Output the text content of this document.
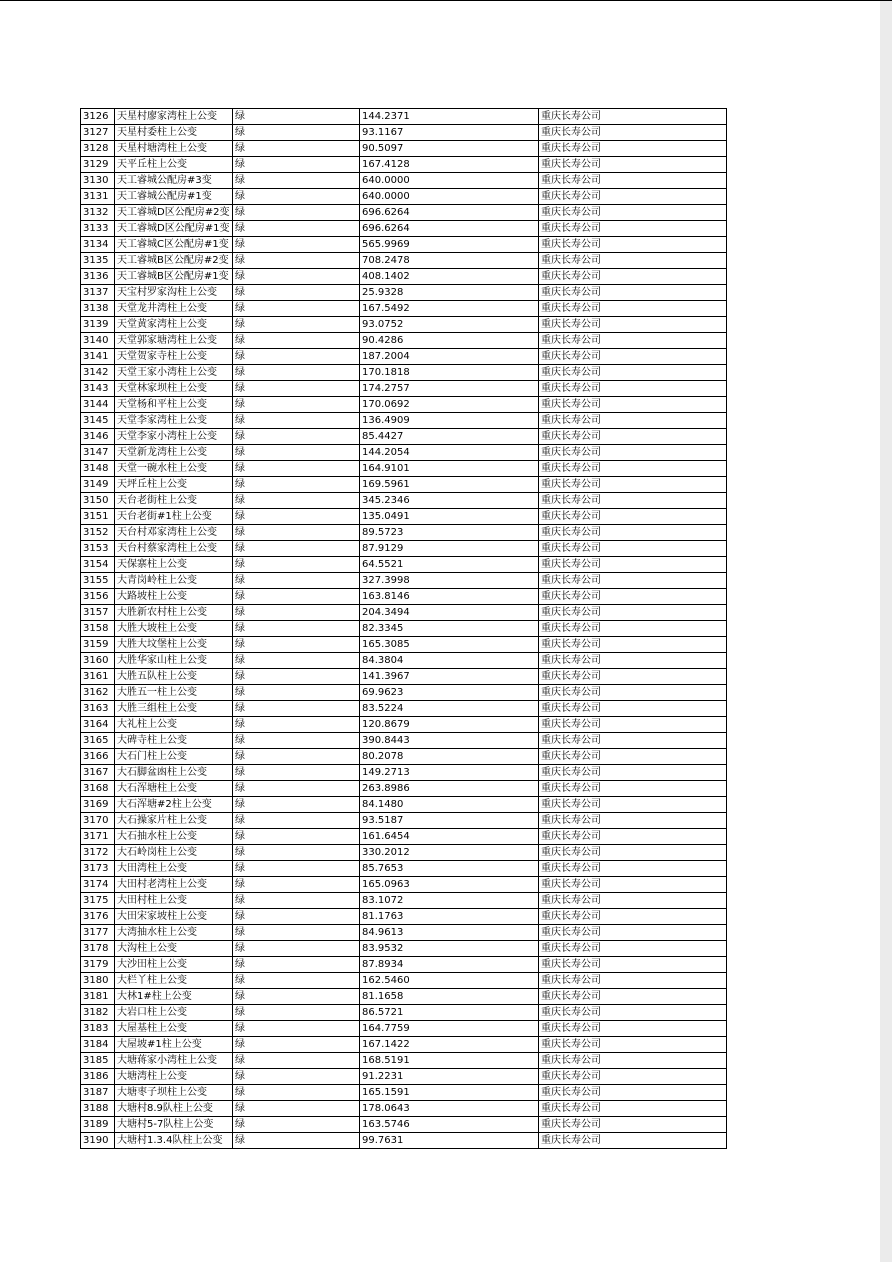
3126	天星村廖家湾柱上公变	绿	144.2371	重庆长寿公司
3127	天星村委柱上公变	绿	93.1167	重庆长寿公司
3128	天星村塘湾柱上公变	绿	90.5097	重庆长寿公司
3129	天平丘柱上公变	绿	167.4128	重庆长寿公司
3130	天工睿城公配房#3变	绿	640.0000	重庆长寿公司
3131	天工睿城公配房#1变	绿	640.0000	重庆长寿公司
3132	天工睿城D区公配房#2变	绿	696.6264	重庆长寿公司
3133	天工睿城D区公配房#1变	绿	696.6264	重庆长寿公司
3134	天工睿城C区公配房#1变	绿	565.9969	重庆长寿公司
3135	天工睿城B区公配房#2变	绿	708.2478	重庆长寿公司
3136	天工睿城B区公配房#1变	绿	408.1402	重庆长寿公司
3137	天宝村罗家沟柱上公变	绿	25.9328	重庆长寿公司
3138	天堂龙井湾柱上公变	绿	167.5492	重庆长寿公司
3139	天堂黄家湾柱上公变	绿	93.0752	重庆长寿公司
3140	天堂郭家塘湾柱上公变	绿	90.4286	重庆长寿公司
3141	天堂贺家寺柱上公变	绿	187.2004	重庆长寿公司
3142	天堂王家小湾柱上公变	绿	170.1818	重庆长寿公司
3143	天堂林家坝柱上公变	绿	174.2757	重庆长寿公司
3144	天堂杨和平柱上公变	绿	170.0692	重庆长寿公司
3145	天堂李家湾柱上公变	绿	136.4909	重庆长寿公司
3146	天堂李家小湾柱上公变	绿	85.4427	重庆长寿公司
3147	天堂新龙湾柱上公变	绿	144.2054	重庆长寿公司
3148	天堂一碗水柱上公变	绿	164.9101	重庆长寿公司
3149	天坪丘柱上公变	绿	169.5961	重庆长寿公司
3150	天台老街柱上公变	绿	345.2346	重庆长寿公司
3151	天台老街#1柱上公变	绿	135.0491	重庆长寿公司
3152	天台村邓家湾柱上公变	绿	89.5723	重庆长寿公司
3153	天台村蔡家湾柱上公变	绿	87.9129	重庆长寿公司
3154	天保寨柱上公变	绿	64.5521	重庆长寿公司
3155	大青岗岭柱上公变	绿	327.3998	重庆长寿公司
3156	大路坡柱上公变	绿	163.8146	重庆长寿公司
3157	大胜新农村柱上公变	绿	204.3494	重庆长寿公司
3158	大胜大坡柱上公变	绿	82.3345	重庆长寿公司
3159	大胜大坟堡柱上公变	绿	165.3085	重庆长寿公司
3160	大胜华家山柱上公变	绿	84.3804	重庆长寿公司
3161	大胜五队柱上公变	绿	141.3967	重庆长寿公司
3162	大胜五一柱上公变	绿	69.9623	重庆长寿公司
3163	大胜三组柱上公变	绿	83.5224	重庆长寿公司
3164	大礼柱上公变	绿	120.8679	重庆长寿公司
3165	大碑寺柱上公变	绿	390.8443	重庆长寿公司
3166	大石门柱上公变	绿	80.2078	重庆长寿公司
3167	大石脚盆凼柱上公变	绿	149.2713	重庆长寿公司
3168	大石浑塘柱上公变	绿	263.8986	重庆长寿公司
3169	大石浑塘#2柱上公变	绿	84.1480	重庆长寿公司
3170	大石操家片柱上公变	绿	93.5187	重庆长寿公司
3171	大石抽水柱上公变	绿	161.6454	重庆长寿公司
3172	大石岭岗柱上公变	绿	330.2012	重庆长寿公司
3173	大田湾柱上公变	绿	85.7653	重庆长寿公司
3174	大田村老湾柱上公变	绿	165.0963	重庆长寿公司
3175	大田村柱上公变	绿	83.1072	重庆长寿公司
3176	大田宋家坡柱上公变	绿	81.1763	重庆长寿公司
3177	大湾抽水柱上公变	绿	84.9613	重庆长寿公司
3178	大沟柱上公变	绿	83.9532	重庆长寿公司
3179	大沙田柱上公变	绿	87.8934	重庆长寿公司
3180	大栏丫柱上公变	绿	162.5460	重庆长寿公司
3181	大林1#柱上公变	绿	81.1658	重庆长寿公司
3182	大岩口柱上公变	绿	86.5721	重庆长寿公司
3183	大屋基柱上公变	绿	164.7759	重庆长寿公司
3184	大屋坡#1柱上公变	绿	167.1422	重庆长寿公司
3185	大塘蒋家小湾柱上公变	绿	168.5191	重庆长寿公司
3186	大塘湾柱上公变	绿	91.2231	重庆长寿公司
3187	大塘枣子坝柱上公变	绿	165.1591	重庆长寿公司
3188	大塘村8.9队柱上公变	绿	178.0643	重庆长寿公司
3189	大塘村5-7队柱上公变	绿	163.5746	重庆长寿公司
3190	大塘村1.3.4队柱上公变	绿	99.7631	重庆长寿公司
